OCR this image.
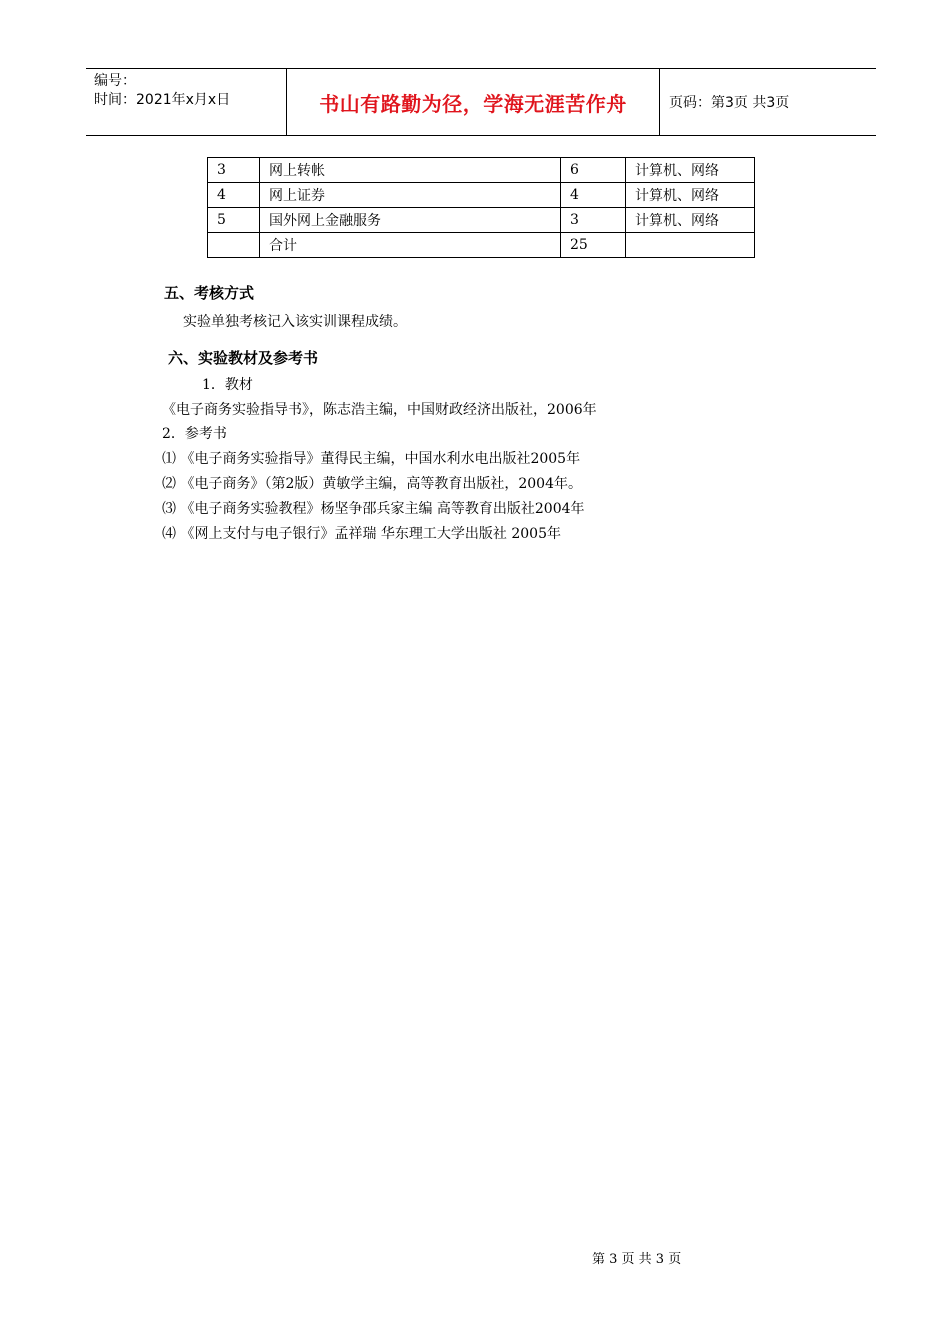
编号：
时间：2021年x月x日	书山有路勤为径，学海无涯苦作舟	页码：第3页 共3页
3	网上转帐	6	计算机、网络
4	网上证券	4	计算机、网络
5	国外网上金融服务	3	计算机、网络
	合计	25	
五、考核方式
实验单独考核记入该实训课程成绩。
六、实验教材及参考书
1．教材
《电子商务实验指导书》，陈志浩主编，中国财政经济出版社，2006年
2．参考书
⑴ 《电子商务实验指导》董得民主编，中国水利水电出版社2005年
⑵ 《电子商务》（第2版）黄敏学主编，高等教育出版社，2004年。
⑶ 《电子商务实验教程》杨坚争邵兵家主编 高等教育出版社2004年
⑷ 《网上支付与电子银行》孟祥瑞 华东理工大学出版社 2005年
第 3 页 共 3 页
